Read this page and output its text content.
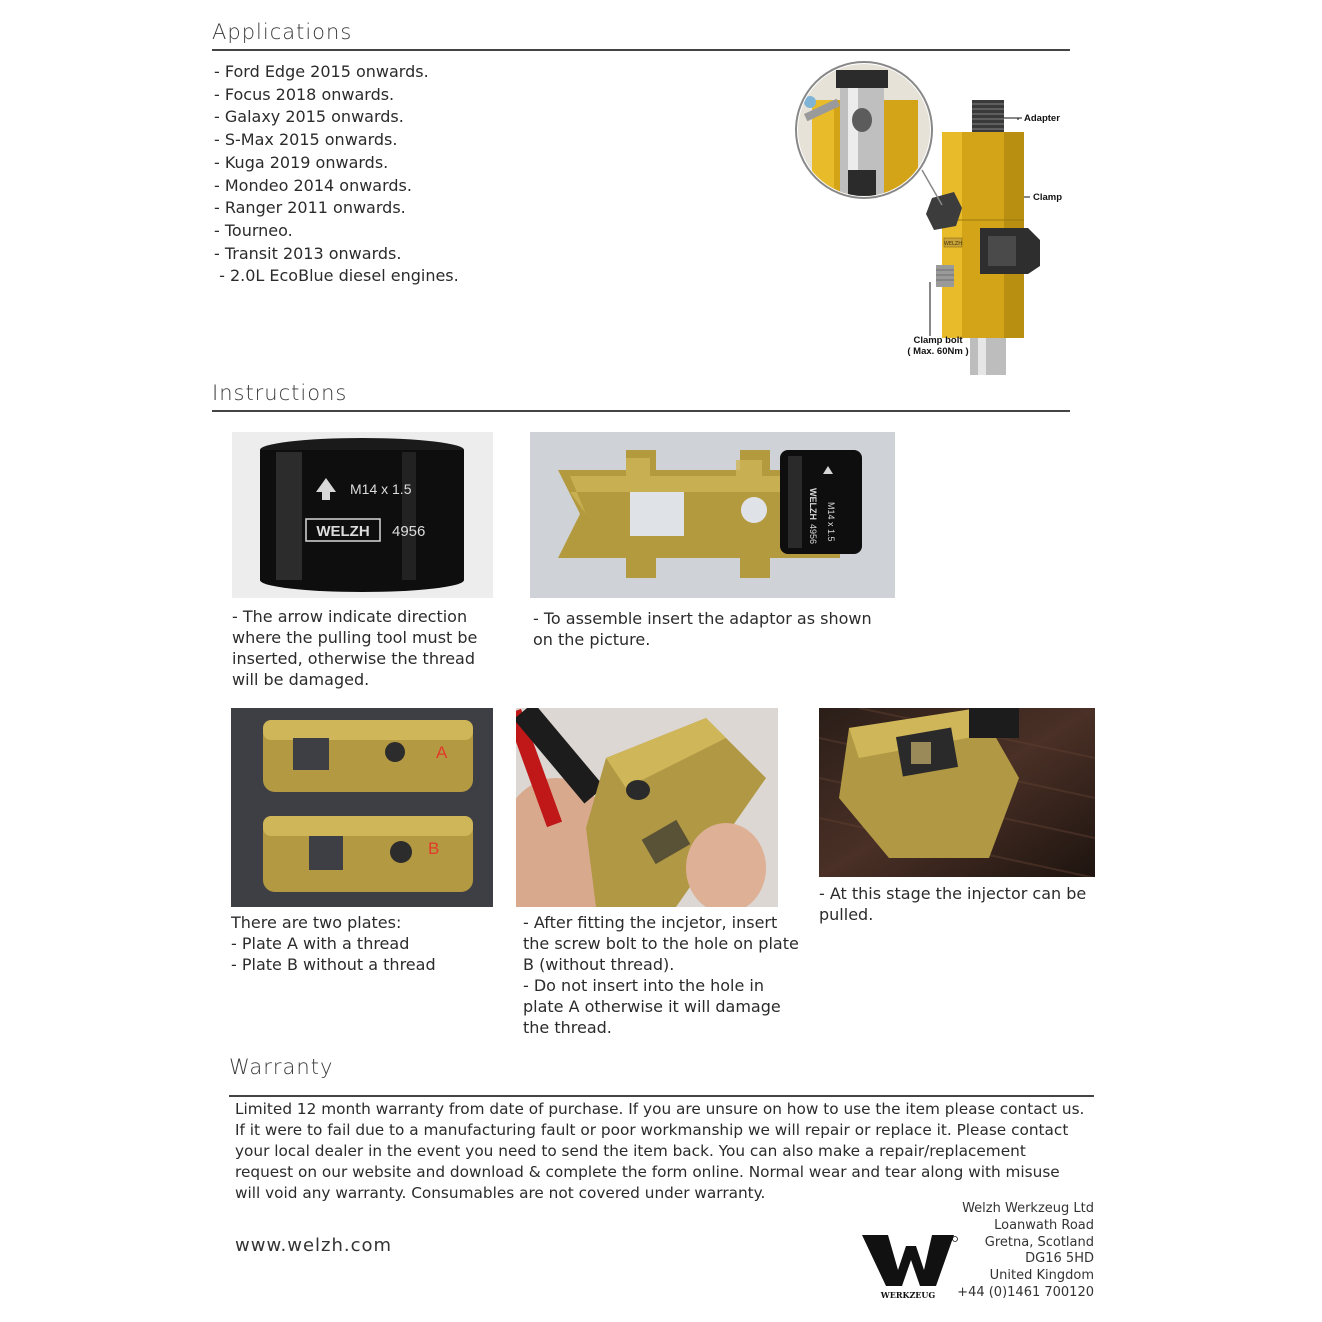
Applications
- Ford Edge 2015 onwards.
- Focus 2018 onwards.
- Galaxy 2015 onwards.
- S-Max 2015 onwards.
- Kuga 2019 onwards.
- Mondeo 2014 onwards.
- Ranger 2011 onwards.
- Tourneo.
- Transit 2013 onwards.
- 2.0L EcoBlue diesel engines.
WELZH
Adapter
Clamp
Clamp bolt
( Max. 60Nm )
Instructions
M14 x 1.5
WELZH 4956	M14 x 1.5
WELZH
4956
- The arrow indicate direction
where the pulling tool must be
inserted, otherwise the thread
will be damaged.
- To assemble insert the adaptor as shown
on the picture.
A
B
There are two plates:
- Plate A with a thread
- Plate B without a thread
- After fitting the incjetor, insert
the screw bolt to the hole on plate
B (without thread).
- Do not insert into the hole in
plate A otherwise it will damage
the thread.
- At this stage the injector can be
pulled.
Warranty
Limited 12 month warranty from date of purchase. If you are unsure on how to use the item please contact us.
If it were to fail due to a manufacturing fault or poor workmanship we will repair or replace it. Please contact
your local dealer in the event you need to send the item back. You can also make a repair/replacement
request on our website and download & complete the form online. Normal wear and tear along with misuse
will void any warranty. Consumables are not covered under warranty.
www.welzh.com
WERKZEUG
Welzh Werkzeug Ltd
Loanwath Road
Gretna, Scotland
DG16 5HD
United Kingdom
+44 (0)1461 700120
